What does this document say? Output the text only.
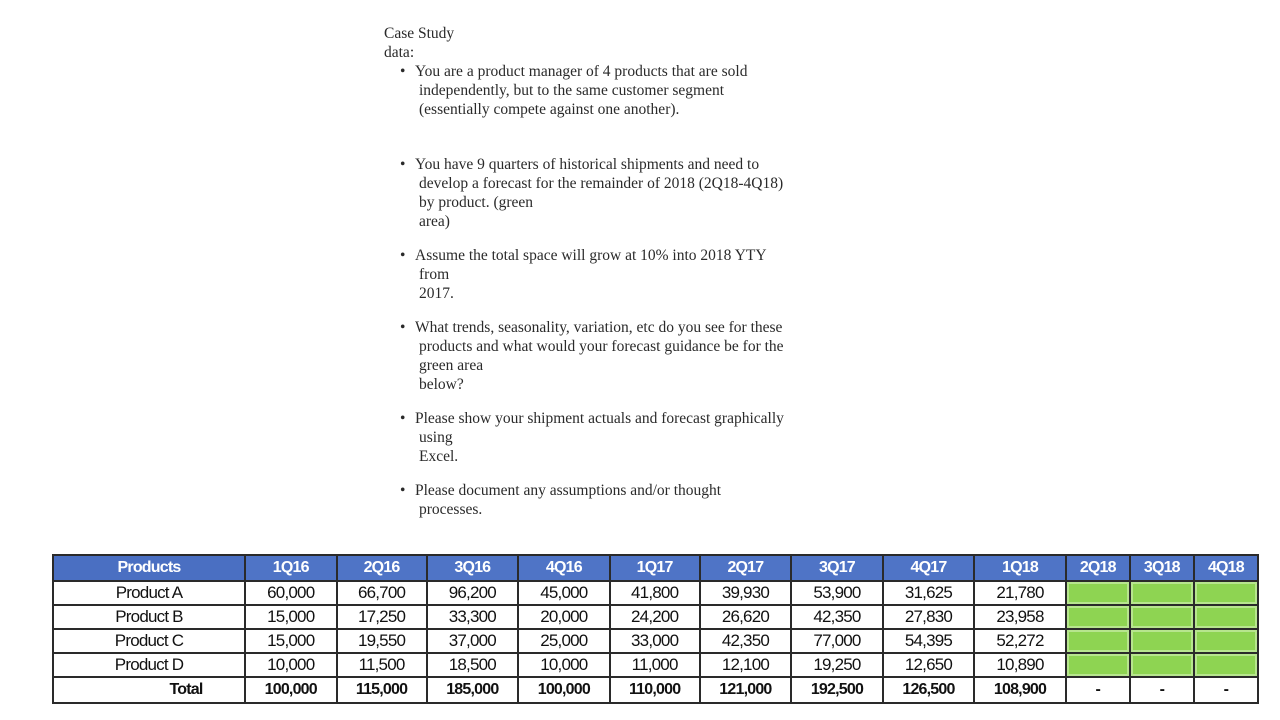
Case Study
data:
• You are a product manager of 4 products that are sold
independently, but to the same customer segment
(essentially compete against one another).
• You have 9 quarters of historical shipments and need to
develop a forecast for the remainder of 2018 (2Q18-4Q18)
by product. (green
area)
• Assume the total space will grow at 10% into 2018 YTY
from
2017.
• What trends, seasonality, variation, etc do you see for these
products and what would your forecast guidance be for the
green area
below?
• Please show your shipment actuals and forecast graphically
using
Excel.
• Please document any assumptions and/or thought
processes.
Products	1Q16	2Q16	3Q16	4Q16	1Q17	2Q17	3Q17	4Q17	1Q18	2Q18	3Q18	4Q18
Product A	60,000	66,700	96,200	45,000	41,800	39,930	53,900	31,625	21,780			
Product B	15,000	17,250	33,300	20,000	24,200	26,620	42,350	27,830	23,958			
Product C	15,000	19,550	37,000	25,000	33,000	42,350	77,000	54,395	52,272			
Product D	10,000	11,500	18,500	10,000	11,000	12,100	19,250	12,650	10,890			
Total	100,000	115,000	185,000	100,000	110,000	121,000	192,500	126,500	108,900	-	-	-
